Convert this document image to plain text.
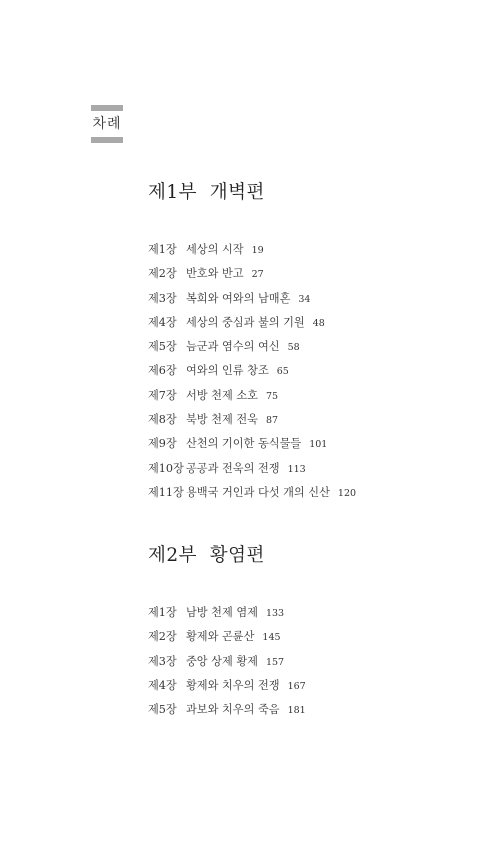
차례
제1부  개벽편
제1장 세상의 시작 19
제2장 반호와 반고 27
제3장 복희와 여와의 남매혼 34
제4장 세상의 중심과 불의 기원 48
제5장 늠군과 염수의 여신 58
제6장 여와의 인류 창조 65
제7장 서방 천제 소호 75
제8장 북방 천제 전욱 87
제9장 산천의 기이한 동식물들 101
제10장 공공과 전욱의 전쟁 113
제11장 용백국 거인과 다섯 개의 신산 120
제2부  황염편
제1장 남방 천제 염제 133
제2장 황제와 곤륜산 145
제3장 중앙 상제 황제 157
제4장 황제와 치우의 전쟁 167
제5장 과보와 치우의 죽음 181
